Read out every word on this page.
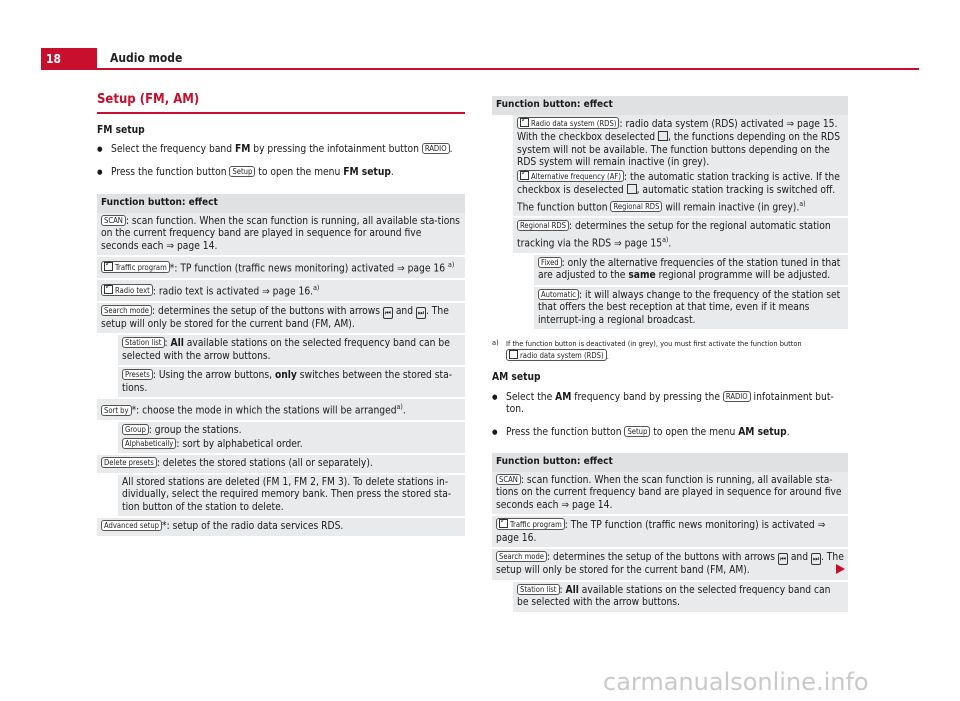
18	Audio mode
Setup (FM, AM)
FM setup
● Select the frequency band FM by pressing the infotainment button RADIO .
● Press the function button Setup to open the menu FM setup.
Function button: effect
SCAN : scan function. When the scan function is running, all available sta-tions on the current frequency band are played in sequence for around five seconds each ⇒ page 14.
✓Traffic program *: TP function (traffic news monitoring) activated ⇒ page 16 $^{a)}$
✓Radio text : radio text is activated ⇒ page 16.$^{a)}$
Search mode : determines the setup of the buttons with arrows ⏮ and ⏭ . The setup will only be stored for the current band (FM, AM).
Station list : All available stations on the selected frequency band can be selected with the arrow buttons.
Presets : Using the arrow buttons, only switches between the stored sta-tions.
Sort by *: choose the mode in which the stations will be arranged$^{a)}$.
Group : group the stations.
Alphabetically : sort by alphabetical order.
Delete presets : deletes the stored stations (all or separately).
All stored stations are deleted (FM 1, FM 2, FM 3). To delete stations in-dividually, select the required memory bank. Then press the stored sta-tion button of the station to delete.
Advanced setup *: setup of the radio data services RDS.
Function button: effect
✓Radio data system (RDS) : radio data system (RDS) activated ⇒ page 15. With the checkbox deselected , the functions depending on the RDS system will not be available. The function buttons depending on the RDS system will remain inactive (in grey).
✓Alternative frequency (AF) : the automatic station tracking is active. If the checkbox is deselected , automatic station tracking is switched off. The function button Regional RDS will remain inactive (in grey).$^{a)}$
Regional RDS : determines the setup for the regional automatic station tracking via the RDS ⇒ page 15$^{a)}$.
Fixed : only the alternative frequencies of the station tuned in that are adjusted to the same regional programme will be adjusted.
Automatic : it will always change to the frequency of the station set that offers the best reception at that time, even if it means interrupt-ing a regional broadcast.
a) If the function button is deactivated (in grey), you must first activate the function button radio data system (RDS) .
AM setup
● Select the AM frequency band by pressing the RADIO infotainment but-ton.
● Press the function button Setup to open the menu AM setup.
Function button: effect
SCAN : scan function. When the scan function is running, all available sta-tions on the current frequency band are played in sequence for around five seconds each ⇒ page 14.
✓Traffic program : The TP function (traffic news monitoring) is activated ⇒ page 16.
Search mode : determines the setup of the buttons with arrows ⏮ and ⏭ . The setup will only be stored for the current band (FM, AM).
Station list : All available stations on the selected frequency band can be selected with the arrow buttons.
carmanualsonline.info
